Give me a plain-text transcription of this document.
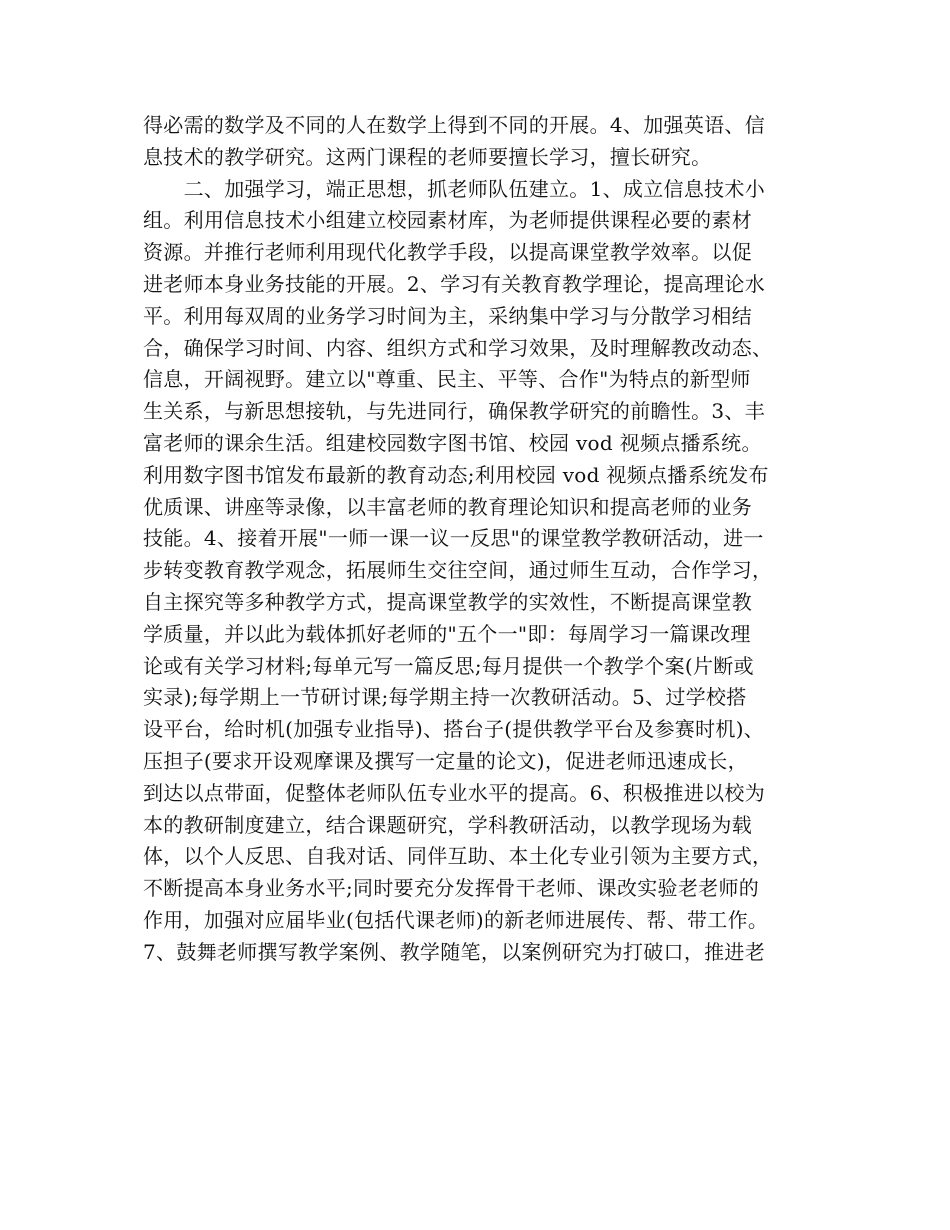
得必需的数学及不同的人在数学上得到不同的开展。4、加强英语、信
息技术的教学研究。这两门课程的老师要擅长学习，擅长研究。
　　二、加强学习，端正思想，抓老师队伍建立。1、成立信息技术小
组。利用信息技术小组建立校园素材库，为老师提供课程必要的素材
资源。并推行老师利用现代化教学手段，以提高课堂教学效率。以促
进老师本身业务技能的开展。2、学习有关教育教学理论，提高理论水
平。利用每双周的业务学习时间为主，采纳集中学习与分散学习相结
合，确保学习时间、内容、组织方式和学习效果，及时理解教改动态、
信息，开阔视野。建立以"尊重、民主、平等、合作"为特点的新型师
生关系，与新思想接轨，与先进同行，确保教学研究的前瞻性。3、丰
富老师的课余生活。组建校园数字图书馆、校园 vod 视频点播系统。
利用数字图书馆发布最新的教育动态;利用校园 vod 视频点播系统发布
优质课、讲座等录像，以丰富老师的教育理论知识和提高老师的业务
技能。4、接着开展"一师一课一议一反思"的课堂教学教研活动，进一
步转变教育教学观念，拓展师生交往空间，通过师生互动，合作学习，
自主探究等多种教学方式，提高课堂教学的实效性，不断提高课堂教
学质量，并以此为载体抓好老师的"五个一"即：每周学习一篇课改理
论或有关学习材料;每单元写一篇反思;每月提供一个教学个案(片断或
实录);每学期上一节研讨课;每学期主持一次教研活动。5、过学校搭
设平台，给时机(加强专业指导)、搭台子(提供教学平台及参赛时机)、
压担子(要求开设观摩课及撰写一定量的论文)，促进老师迅速成长，
到达以点带面，促整体老师队伍专业水平的提高。6、积极推进以校为
本的教研制度建立，结合课题研究，学科教研活动，以教学现场为载
体，以个人反思、自我对话、同伴互助、本土化专业引领为主要方式，
不断提高本身业务水平;同时要充分发挥骨干老师、课改实验老老师的
作用，加强对应届毕业(包括代课老师)的新老师进展传、帮、带工作。
7、鼓舞老师撰写教学案例、教学随笔，以案例研究为打破口，推进老
